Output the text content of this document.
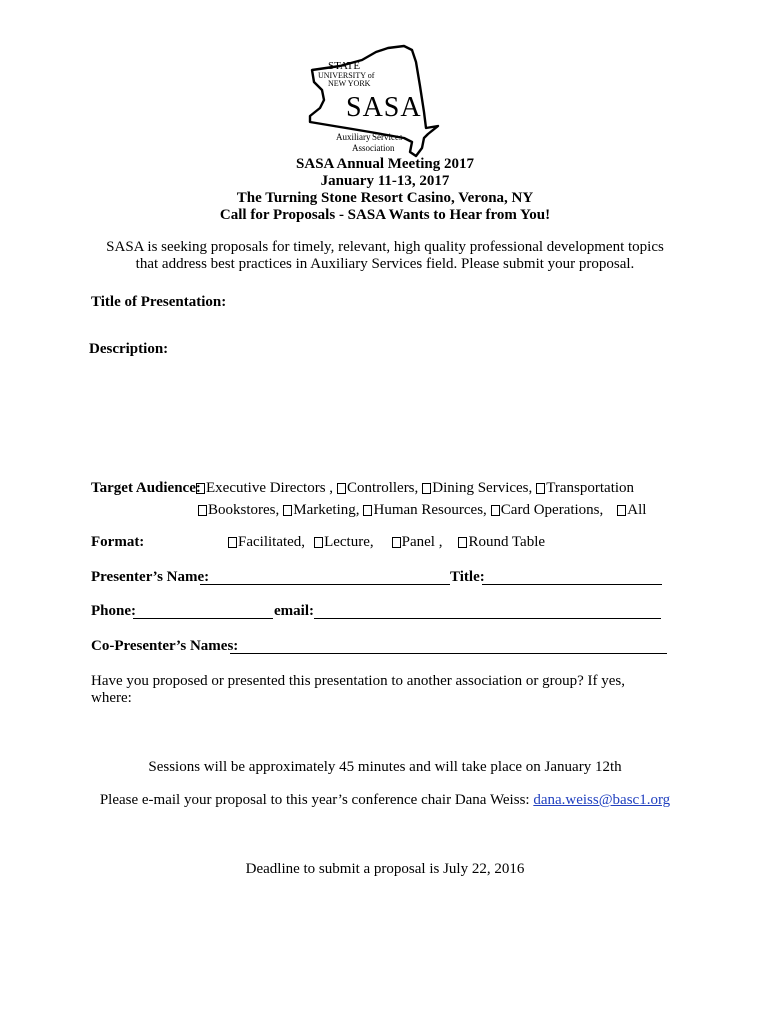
STATE
UNIVERSITY of
NEW YORK
SASA
Auxiliary Services
Association
SASA Annual Meeting 2017
January 11-13, 2017
The Turning Stone Resort Casino, Verona, NY
Call for Proposals - SASA Wants to Hear from You!
SASA is seeking proposals for timely, relevant, high quality professional development topics
that address best practices in Auxiliary Services field. Please submit your proposal.
Title of Presentation:
Description:
Target Audience: Executive Directors , Controllers, Dining Services, Transportation
Bookstores, Marketing, Human Resources, Card Operations, All
Format:	Facilitated, Lecture, Panel , Round Table
Presenter’s Name:	Title:
Phone:	email:
Co-Presenter’s Names:
Have you proposed or presented this presentation to another association or group? If yes,
where:
Sessions will be approximately 45 minutes and will take place on January 12th
Please e-mail your proposal to this year’s conference chair Dana Weiss: dana.weiss@basc1.org
Deadline to submit a proposal is July 22, 2016
